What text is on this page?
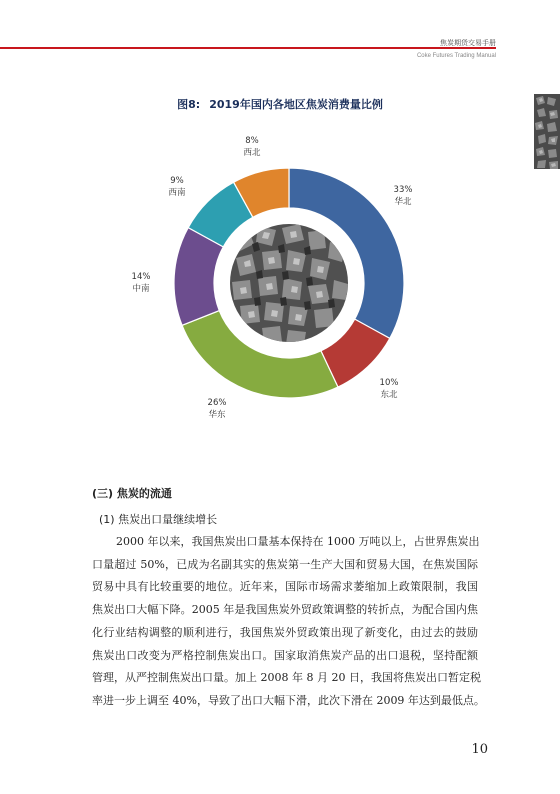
焦炭期货交易手册
Coke Futures Trading Manual
图8: 2019年国内各地区焦炭消费量比例
33%
华北
10%
东北
26%
华东
14%
中南
9%
西南
8%
西北
(三) 焦炭的流通
(1) 焦炭出口量继续增长
2000 年以来，我国焦炭出口量基本保持在 1000 万吨以上，占世界焦炭出
口量超过 50%，已成为名副其实的焦炭第一生产大国和贸易大国，在焦炭国际
贸易中具有比较重要的地位。近年来，国际市场需求萎缩加上政策限制，我国
焦炭出口大幅下降。2005 年是我国焦炭外贸政策调整的转折点，为配合国内焦
化行业结构调整的顺利进行，我国焦炭外贸政策出现了新变化，由过去的鼓励
焦炭出口改变为严格控制焦炭出口。国家取消焦炭产品的出口退税，坚持配额
管理，从严控制焦炭出口量。加上 2008 年 8 月 20 日，我国将焦炭出口暂定税
率进一步上调至 40%，导致了出口大幅下滑，此次下滑在 2009 年达到最低点。
10
